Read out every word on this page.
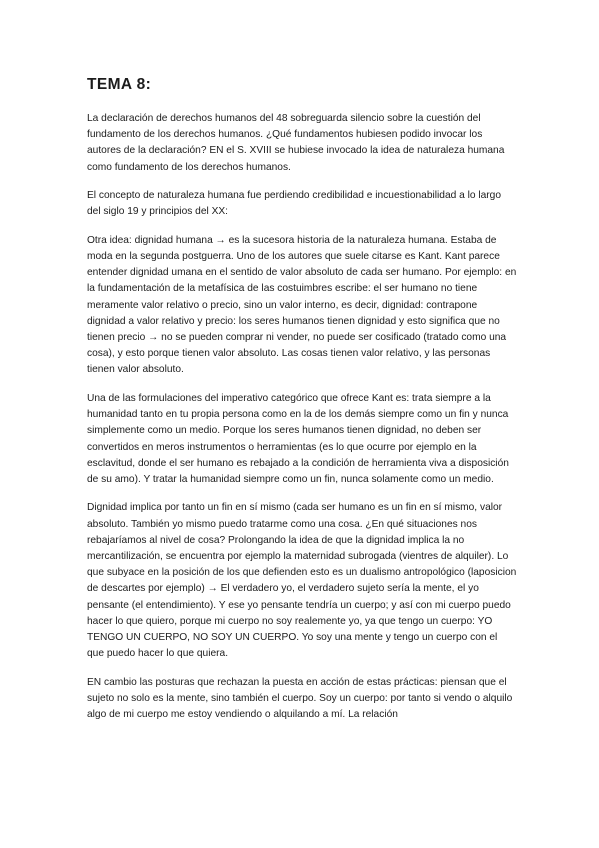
TEMA 8:

La declaración de derechos humanos del 48 sobreguarda silencio sobre la cuestión del fundamento de los derechos humanos. ¿Qué fundamentos hubiesen podido invocar los autores de la declaración? EN el S. XVIII se hubiese invocado la idea de naturaleza humana como fundamento de los derechos humanos.

El concepto de naturaleza humana fue perdiendo credibilidad e incuestionabilidad a lo largo del siglo 19 y principios del XX:

Otra idea: dignidad humana → es la sucesora historia de la naturaleza humana. Estaba de moda en la segunda postguerra. Uno de los autores que suele citarse es Kant. Kant parece entender dignidad umana en el sentido de valor absoluto de cada ser humano. Por ejemplo: en la fundamentación de la metafísica de las costuimbres escribe: el ser humano no tiene meramente valor relativo o precio, sino un valor interno, es decir, dignidad: contrapone dignidad a valor relativo y precio: los seres humanos tienen dignidad y esto significa que no tienen precio → no se pueden comprar ni vender, no puede ser cosificado (tratado como una cosa), y esto porque tienen valor absoluto. Las cosas tienen valor relativo, y las personas tienen valor absoluto.

Una de las formulaciones del imperativo categórico que ofrece Kant es: trata siempre a la humanidad tanto en tu propia persona como en la de los demás siempre como un fin y nunca simplemente como un medio. Porque los seres humanos tienen dignidad, no deben ser convertidos en meros instrumentos o herramientas (es lo que ocurre por ejemplo en la esclavitud, donde el ser humano es rebajado a la condición de herramienta viva a disposición de su amo). Y tratar la humanidad siempre como un fin, nunca solamente como un medio.

Dignidad implica por tanto un fin en sí mismo (cada ser humano es un fin en sí mismo, valor absoluto. También yo mismo puedo tratarme como una cosa. ¿En qué situaciones nos rebajaríamos al nivel de cosa? Prolongando la idea de que la dignidad implica la no mercantilización, se encuentra por ejemplo la maternidad subrogada (vientres de alquiler). Lo que subyace en la posición de los que defienden esto es un dualismo antropológico (laposicion de descartes por ejemplo) → El verdadero yo, el verdadero sujeto sería la mente, el yo pensante (el entendimiento). Y ese yo pensante tendría un cuerpo; y así con mi cuerpo puedo hacer lo que quiero, porque mi cuerpo no soy realemente yo, ya que tengo un cuerpo: YO TENGO UN CUERPO, NO SOY UN CUERPO. Yo soy una mente y tengo un cuerpo con el que puedo hacer lo que quiera.

EN cambio las posturas que rechazan la puesta en acción de estas prácticas: piensan que el sujeto no solo es la mente, sino también el cuerpo. Soy un cuerpo: por tanto si vendo o alquilo algo de mi cuerpo me estoy vendiendo o alquilando a mí. La relación
